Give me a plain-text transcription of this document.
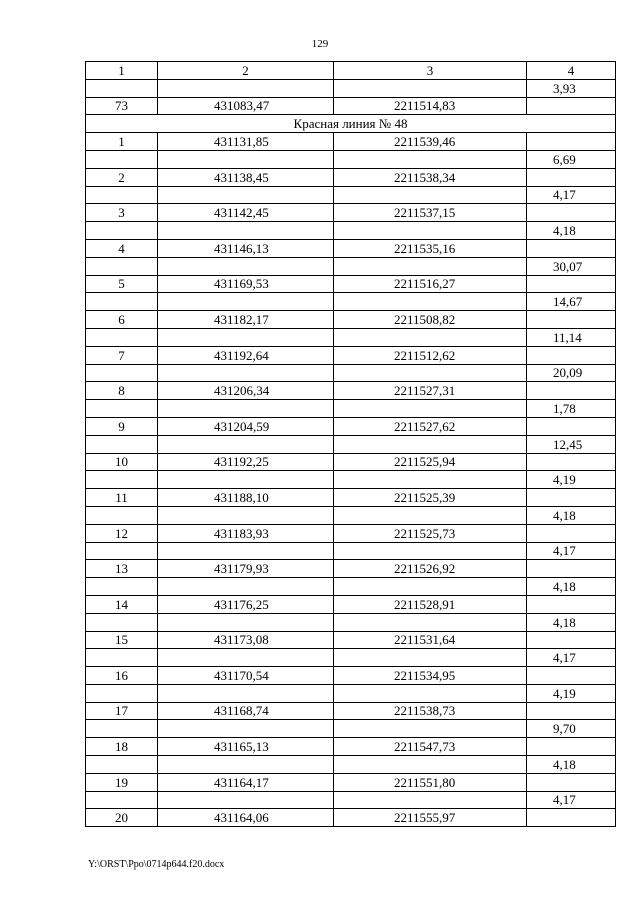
129
1	2	3	4
			3,93
73	431083,47	2211514,83	
Красная линия № 48			
1	431131,85	2211539,46	
			6,69
2	431138,45	2211538,34	
			4,17
3	431142,45	2211537,15	
			4,18
4	431146,13	2211535,16	
			30,07
5	431169,53	2211516,27	
			14,67
6	431182,17	2211508,82	
			11,14
7	431192,64	2211512,62	
			20,09
8	431206,34	2211527,31	
			1,78
9	431204,59	2211527,62	
			12,45
10	431192,25	2211525,94	
			4,19
11	431188,10	2211525,39	
			4,18
12	431183,93	2211525,73	
			4,17
13	431179,93	2211526,92	
			4,18
14	431176,25	2211528,91	
			4,18
15	431173,08	2211531,64	
			4,17
16	431170,54	2211534,95	
			4,19
17	431168,74	2211538,73	
			9,70
18	431165,13	2211547,73	
			4,18
19	431164,17	2211551,80	
			4,17
20	431164,06	2211555,97	
Y:\ORST\Ppo\0714p644.f20.docx
